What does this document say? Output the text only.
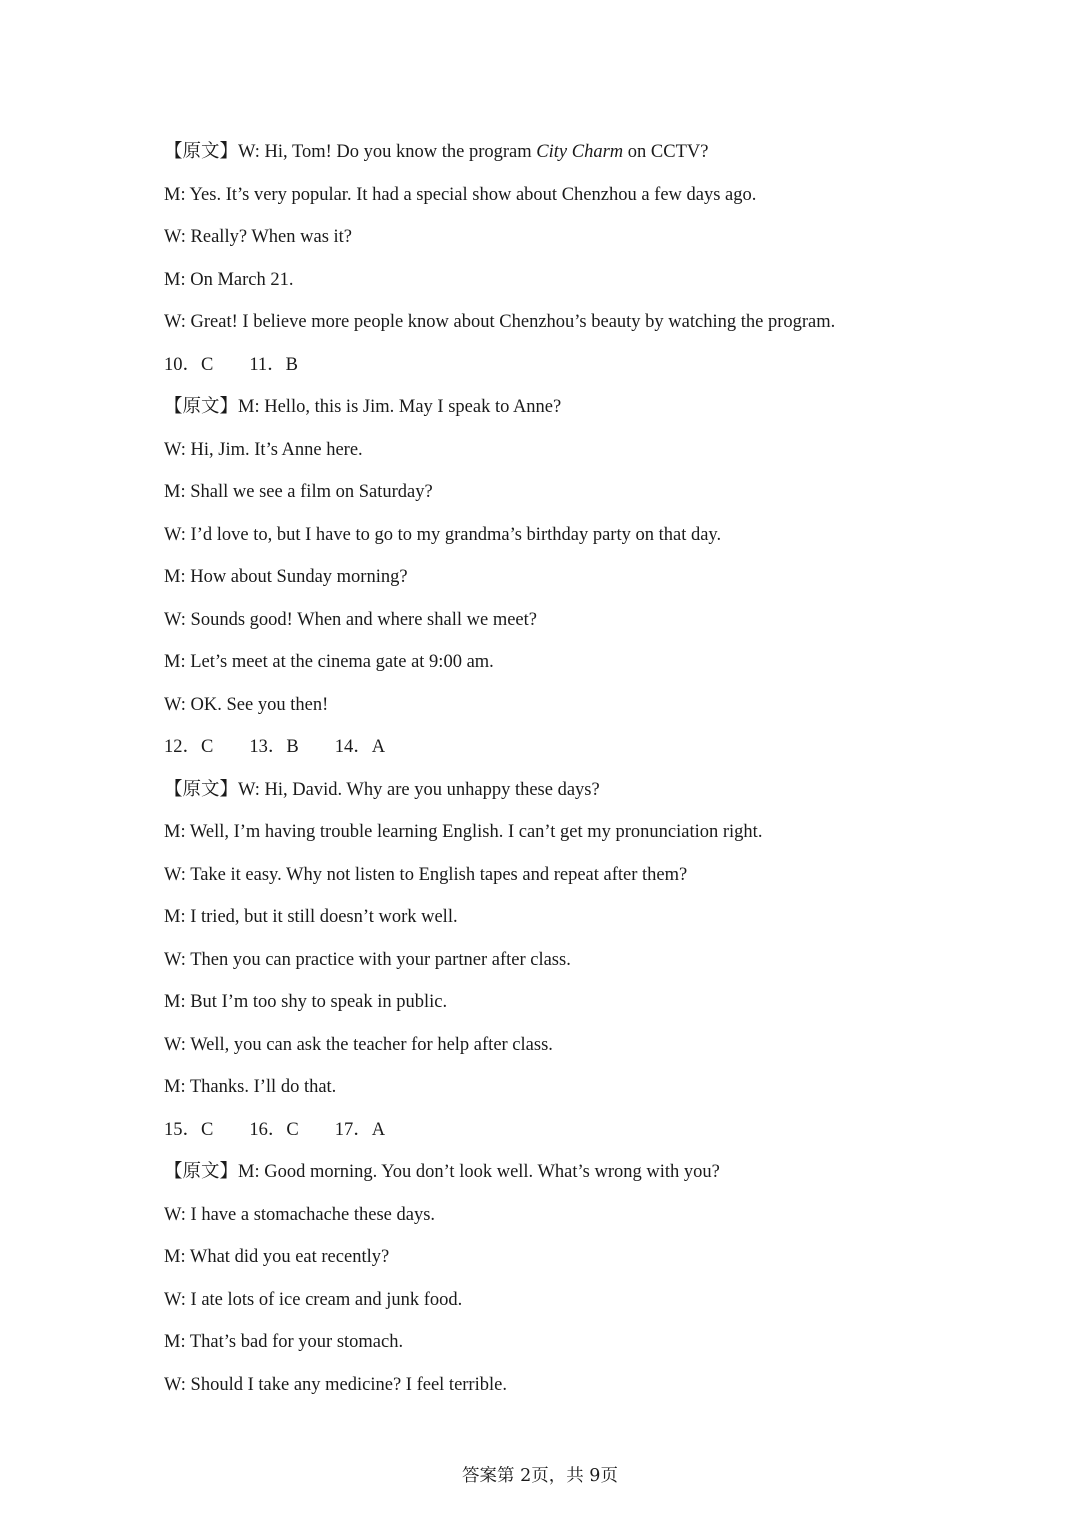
【原文】W: Hi, Tom! Do you know the program City Charm on CCTV?
M: Yes. It’s very popular. It had a special show about Chenzhou a few days ago.
W: Really? When was it?
M: On March 21.
W: Great! I believe more people know about Chenzhou’s beauty by watching the program.
10．C 11．B
【原文】M: Hello, this is Jim. May I speak to Anne?
W: Hi, Jim. It’s Anne here.
M: Shall we see a film on Saturday?
W: I’d love to, but I have to go to my grandma’s birthday party on that day.
M: How about Sunday morning?
W: Sounds good! When and where shall we meet?
M: Let’s meet at the cinema gate at 9:00 am.
W: OK. See you then!
12．C 13．B 14．A
【原文】W: Hi, David. Why are you unhappy these days?
M: Well, I’m having trouble learning English. I can’t get my pronunciation right.
W: Take it easy. Why not listen to English tapes and repeat after them?
M: I tried, but it still doesn’t work well.
W: Then you can practice with your partner after class.
M: But I’m too shy to speak in public.
W: Well, you can ask the teacher for help after class.
M: Thanks. I’ll do that.
15．C 16．C 17．A
【原文】M: Good morning. You don’t look well. What’s wrong with you?
W: I have a stomachache these days.
M: What did you eat recently?
W: I ate lots of ice cream and junk food.
M: That’s bad for your stomach.
W: Should I take any medicine? I feel terrible.
答案第 2页，共 9页
